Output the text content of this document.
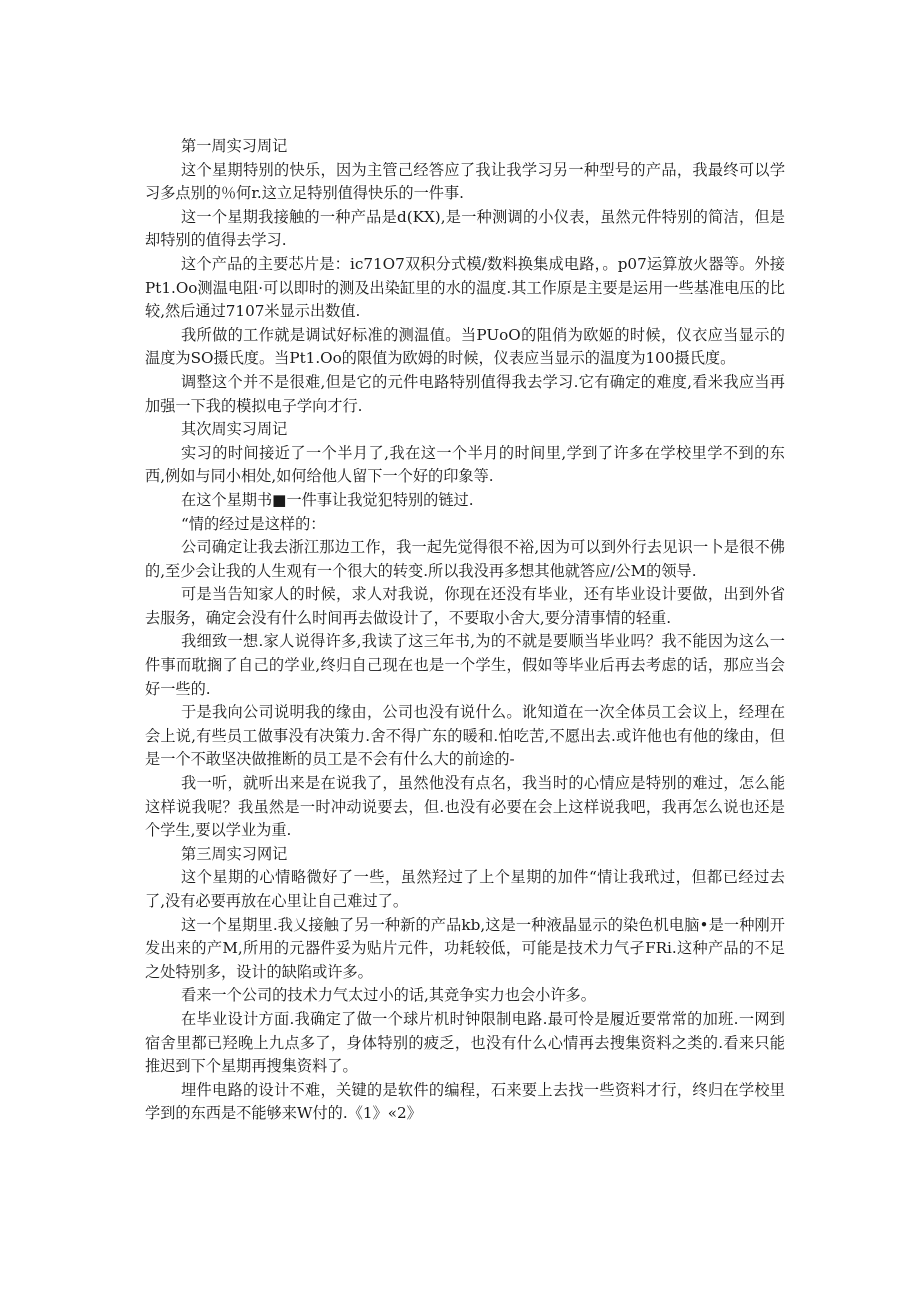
第一周实习周记

这个星期特别的快乐，因为主管己经答应了我让我学习另一种型号的产品，我最终可以学习多点别的％何r.这立足特别值得快乐的一件事.

这一个星期我接触的一种产品是d(KX),是一种测调的小仪表，虽然元件特别的简洁，但是却特别的值得去学习.

这个产品的主要芯片是：ic71O7双积分式模/数料换集成电路，。p07运算放火器等。外接Pt1.Oo测温电阻·可以即时的测及出染缸里的水的温度.其工作原是主要是运用一些基准电压的比较,然后通过7107米显示出数值.

我所做的工作就是调试好标准的测温值。当PUoO的阻俏为欧姬的时候，仪衣应当显示的温度为SO摄氏度。当Pt1.Oo的限值为欧姆的时候，仪表应当显示的温度为100摄氏度。

调整这个并不是很难,但是它的元件电路特别值得我去学习.它有确定的难度,看米我应当再加强一下我的模拟电子学向才行.

其次周实习周记

实习的时间接近了一个半月了,我在这一个半月的时间里,学到了许多在学校里学不到的东西,例如与同小相处,如何给他人留下一个好的印象等.

在这个星期书■一件事让我觉犯特别的链过.

“情的经过是这样的：

公司确定让我去浙江那边工作，我一起先觉得很不裕,因为可以到外行去见识一卜是很不佛的,至少会让我的人生观有一个很大的转变.所以我没再多想其他就答应/公M的领导.

可是当告知家人的时候，求人对我说，你现在还没有毕业，还有毕业设计要做，出到外省去服务，确定会没有什么时间再去做设计了，不要取小舍大,要分清事情的轻重.

我细致一想.家人说得许多,我读了这三年书,为的不就是要顺当毕业吗？我不能因为这么一件事而耽搁了自己的学业,终归自己现在也是一个学生，假如等毕业后再去考虑的话，那应当会好一些的.

于是我向公司说明我的缘由，公司也没有说什么。讹知道在一次全体员工会议上，经理在会上说,有些员工做事没有决策力.舍不得广东的暖和.怕吃苦,不愿出去.或许他也有他的缘由，但是一个不敢坚决做推断的员工是不会有什么大的前途的-

我一听，就听出来是在说我了，虽然他没有点名，我当时的心情应是特别的难过，怎么能这样说我呢？我虽然是一时冲动说要去，但.也没有必要在会上这样说我吧，我再怎么说也还是个学生,要以学业为重.

第三周实习网记

这个星期的心情略微好了一些，虽然羟过了上个星期的加件“情让我玳过，但都已经过去了,没有必要再放在心里让自己难过了。

这一个星期里.我乂接触了另一种新的产品kb,这是一种液晶显示的染色机电脑•是一种刚开发出来的产M,所用的元器件妥为贴片元件，功耗较低，可能是技术力气孑FRi.这种产品的不足之处特别多，设计的缺陷或许多。

看来一个公司的技术力气太过小的话,其竞争实力也会小许多。

在毕业设计方面.我确定了做一个球片机时钟限制电路.最可怜是履近要常常的加班.一网到宿舍里都已羟晚上九点多了，身体特别的疲乏，也没有什么心情再去搜集资料之类的.看来只能推迟到下个星期再搜集资料了。

埋件电路的设计不难，关键的是软件的编程，石来要上去找一些资料才行，终归在学校里学到的东西是不能够来W付的.《1》«2》
